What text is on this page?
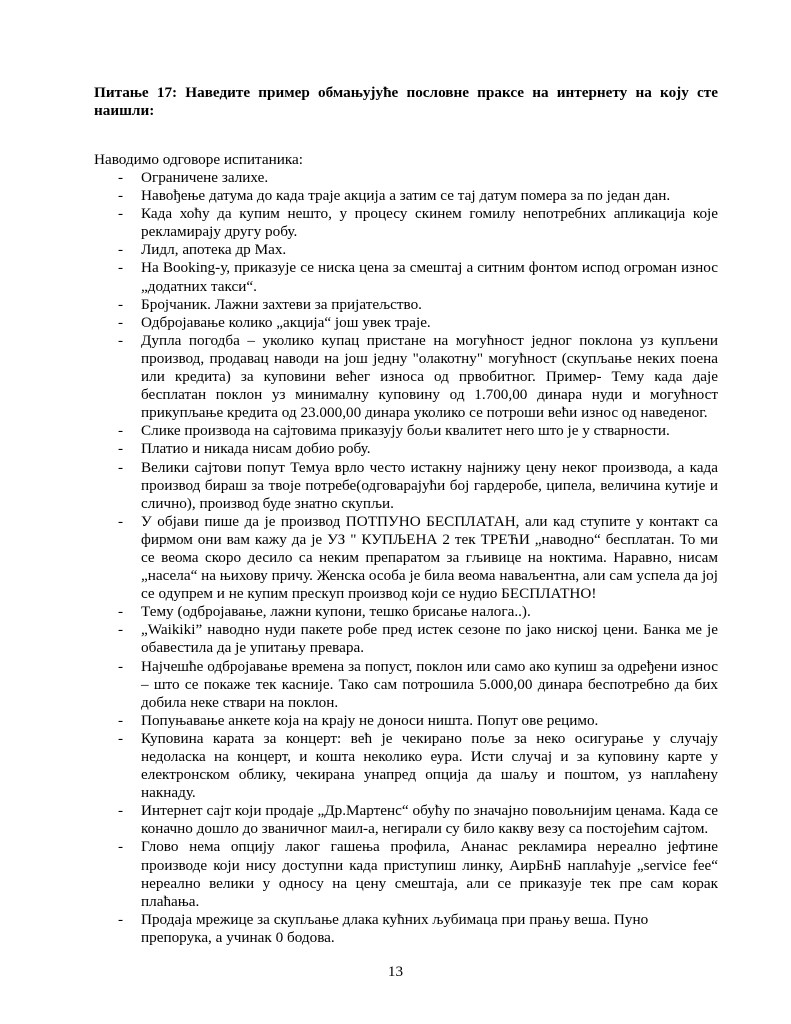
Питање 17: Наведите пример обмањујуће пословне праксе на интернету на коју сте наишли:
Наводимо одговоре испитаника:
- Ограничене залихе.
- Навођење датума до када траје акција а затим се тај датум помера за по један дан.
- Када хоћу да купим нешто, у процесу скинем гомилу непотребних апликација које рекламирају другу робу.
- Лидл, апотека др Мах.
- На Booking-у, приказује се ниска цена за смештај а ситним фонтом испод огроман износ „додатних такси“.
- Бројчаник. Лажни захтеви за пријатељство.
- Одбројавање колико „акција“ још увек траје.
- Дупла погодба – уколико купац пристане на могућност једног поклона уз купљени производ, продавац наводи на још једну "олакотну" могућност (скупљање неких поена или кредита) за куповини већег износа од првобитног. Пример- Тему када даје бесплатан поклон уз минималну куповину од 1.700,00 динара нуди и могућност прикупљање кредита од 23.000,00 динара уколико се потроши већи износ од наведеног.
- Слике производа на сајтовима приказују бољи квалитет него што је у стварности.
- Платио и никада нисам добио робу.
- Велики сајтови попут Темуа врло често истакну најнижу цену неког производа, а када производ бираш за твоје потребе(одговарајући бој гардеробе, ципела, величина кутије и слично), производ буде знатно скупљи.
- У објави пише да је производ ПОТПУНО БЕСПЛАТАН, али кад ступите у контакт са фирмом они вам кажу да је УЗ " КУПЉЕНА 2 тек ТРЕЋИ „наводно“ бесплатан. То ми се веома скоро десило са неким препаратом за гљивице на ноктима. Наравно, нисам „насела“ на њихову причу. Женска особа је била веома наваљентна, али сам успела да јој се одупрем и не купим прескуп производ који се нудио БЕСПЛАТНО!
- Тему (одбројавање, лажни купони, тешко брисање налога..).
- „Waikiki” наводно нуди пакете робе пред истек сезоне по јако ниској цени. Банка ме је обавестила да је упитању превара.
- Најчешће одбројавање времена за попуст, поклон или само ако купиш за одређени износ – што се покаже тек касније. Тако сам потрошила 5.000,00 динара беспотребно да бих добила неке ствари на поклон.
- Попуњавање анкете која на крају не доноси ништа. Попут ове рецимо.
- Куповина карата за концерт: већ је чекирано поље за неко осигурање у случају недоласка на концерт, и кошта неколико еура. Исти случај и за куповину карте у електронском облику, чекирана унапред опција да шаљу и поштом, уз наплаћену накнаду.
- Интернет сајт који продаје „Др.Мартенс“ обућу по значајно повољнијим ценама. Када се коначно дошло до званичног маил-а, негирали су било какву везу са постојећим сајтом.
- Глово нема опцију лаког гашења профила, Ананас рекламира нереално јефтине производе који нису доступни када приступиш линку, АирБнБ наплаћује „service fee“ нереално велики у односу на цену смештаја, али се приказује тек пре сам корак плаћања.
- Продаја мрежице за скупљање длака кућних љубимаца при прању веша. Пуно препорука, а учинак 0 бодова.
13
